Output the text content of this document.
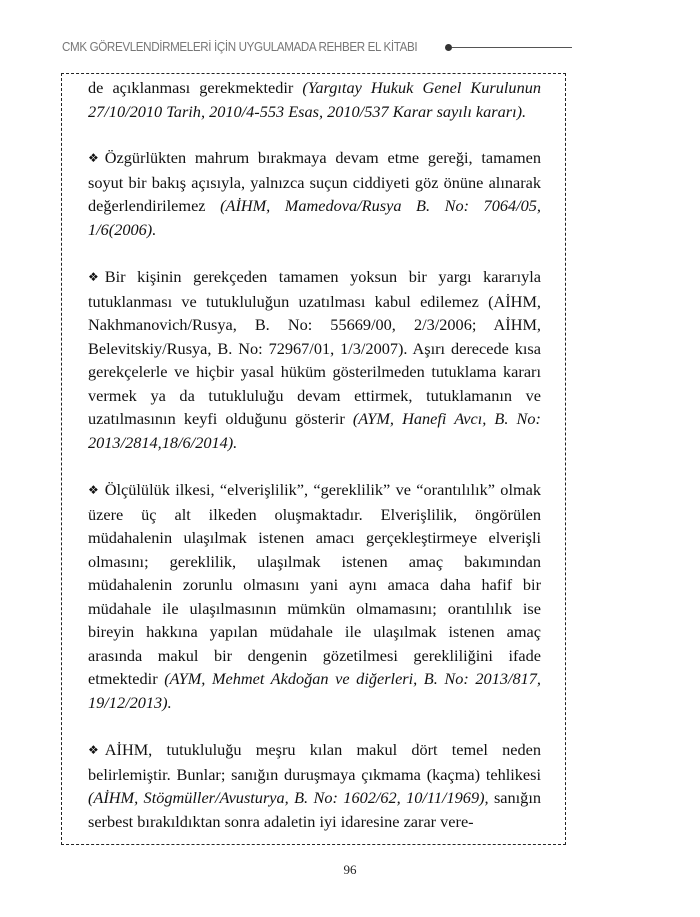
CMK GÖREVLENDİRMELERİ İÇİN UYGULAMADA REHBER EL KİTABI

de açıklanması gerekmektedir (Yargıtay Hukuk Genel Kurulunun 27/10/2010 Tarih, 2010/4-553 Esas, 2010/537 Karar sayılı kararı).

❖ Özgürlükten mahrum bırakmaya devam etme gereği, tamamen soyut bir bakış açısıyla, yalnızca suçun ciddiyeti göz önüne alınarak değerlendirilemez (AİHM, Mamedova/Rusya B. No: 7064/05, 1/6(2006).

❖ Bir kişinin gerekçeden tamamen yoksun bir yargı kararıyla tutuklanması ve tutukluluğun uzatılması kabul edilemez (AİHM, Nakhmanovich/Rusya, B. No: 55669/00, 2/3/2006; AİHM, Belevitskiy/Rusya, B. No: 72967/01, 1/3/2007). Aşırı derecede kısa gerekçelerle ve hiçbir yasal hüküm gösterilmeden tutuklama kararı vermek ya da tutukluluğu devam ettirmek, tutuklamanın ve uzatılmasının keyfi olduğunu gösterir (AYM, Hanefi Avcı, B. No: 2013/2814,18/6/2014).

❖ Ölçülülük ilkesi, “elverişlilik”, “gereklilik” ve “orantılılık” olmak üzere üç alt ilkeden oluşmaktadır. Elverişlilik, öngörülen müdahalenin ulaşılmak istenen amacı gerçekleştirmeye elverişli olmasını; gereklilik, ulaşılmak istenen amaç bakımından müdahalenin zorunlu olmasını yani aynı amaca daha hafif bir müdahale ile ulaşılmasının mümkün olmamasını; orantılılık ise bireyin hakkına yapılan müdahale ile ulaşılmak istenen amaç arasında makul bir dengenin gözetilmesi gerekliliğini ifade etmektedir (AYM, Mehmet Akdoğan ve diğerleri, B. No: 2013/817, 19/12/2013).

❖ AİHM, tutukluluğu meşru kılan makul dört temel neden belirlemiştir. Bunlar; sanığın duruşmaya çıkmama (kaçma) tehlikesi (AİHM, Stögmüller/Avusturya, B. No: 1602/62, 10/11/1969), sanığın serbest bırakıldıktan sonra adaletin iyi idaresine zarar vere-

96
